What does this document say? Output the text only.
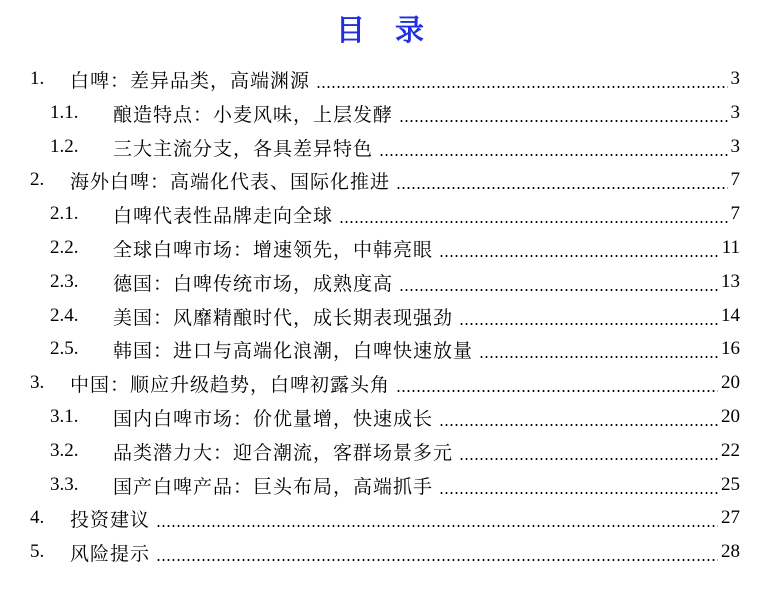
目 录
1. 白啤：差异品类，高端渊源	3
1.1. 酿造特点：小麦风味，上层发酵	3
1.2. 三大主流分支，各具差异特色	3
2. 海外白啤：高端化代表、国际化推进	7
2.1. 白啤代表性品牌走向全球	7
2.2. 全球白啤市场：增速领先，中韩亮眼	11
2.3. 德国：白啤传统市场，成熟度高	13
2.4. 美国：风靡精酿时代，成长期表现强劲	14
2.5. 韩国：进口与高端化浪潮，白啤快速放量	16
3. 中国：顺应升级趋势，白啤初露头角	20
3.1. 国内白啤市场：价优量增，快速成长	20
3.2. 品类潜力大：迎合潮流，客群场景多元	22
3.3. 国产白啤产品：巨头布局，高端抓手	25
4. 投资建议	27
5. 风险提示	28
